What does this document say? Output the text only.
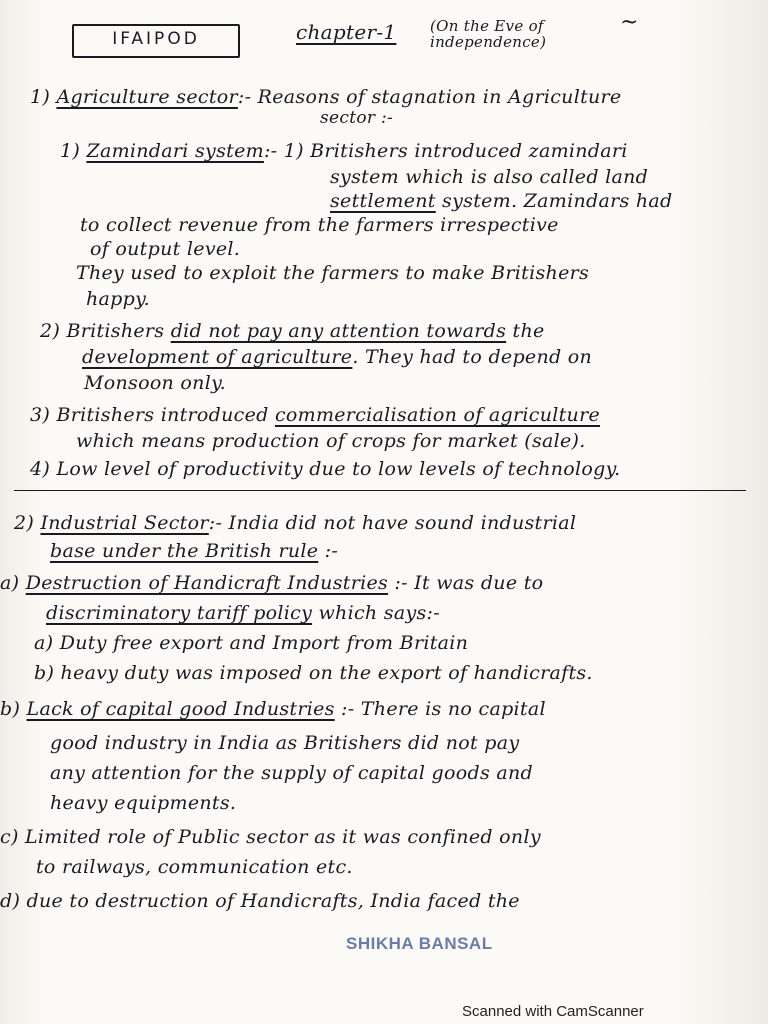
IFAIPOD	chapter-1 (On the Eve of independence)
~
1) Agriculture sector:- Reasons of stagnation in Agriculture
sector :-
1) Zamindari system:- 1) Britishers introduced zamindari
system which is also called land
settlement system. Zamindars had
to collect revenue from the farmers irrespective
of output level.
They used to exploit the farmers to make Britishers
happy.
2) Britishers did not pay any attention towards the
development of agriculture. They had to depend on
Monsoon only.
3) Britishers introduced commercialisation of agriculture
which means production of crops for market (sale).
4) Low level of productivity due to low levels of technology.
2) Industrial Sector:- India did not have sound industrial
base under the British rule :-
a) Destruction of Handicraft Industries :- It was due to
discriminatory tariff policy which says:-
a) Duty free export and Import from Britain
b) heavy duty was imposed on the export of handicrafts.
b) Lack of capital good Industries :- There is no capital
good industry in India as Britishers did not pay
any attention for the supply of capital goods and
heavy equipments.
c) Limited role of Public sector as it was confined only
to railways, communication etc.
d) due to destruction of Handicrafts, India faced the
SHIKHA BANSAL
Scanned with CamScanner
